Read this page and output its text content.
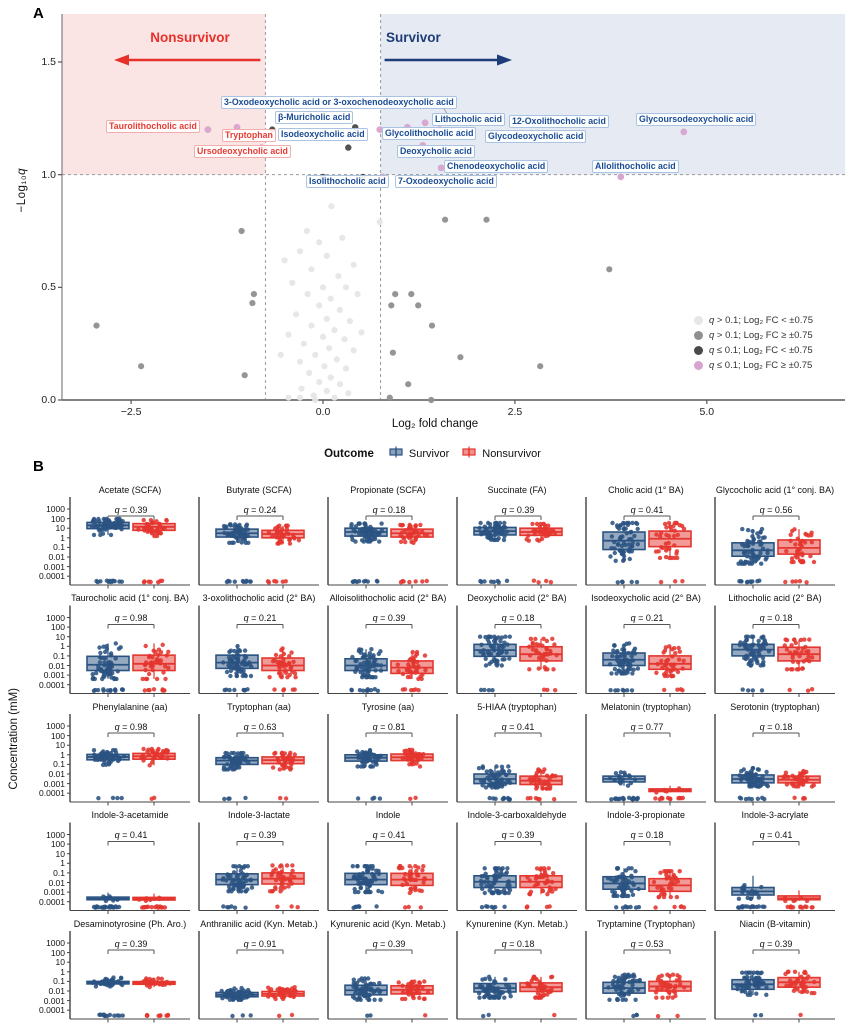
A
B
Nonsurvivor	Survivor
Log₂ fold change
−Log₁₀q
q > 0.1; Log₂ FC < ±0.75
q > 0.1; Log₂ FC ≥ ±0.75
q ≤ 0.1; Log₂ FC < ±0.75
q ≤ 0.1; Log₂ FC ≥ ±0.75
Outcome	Survivor	Nonsurvivor
Concentration (mM)
−2.5	0.0	2.5	5.0
0.0
0.5
1.0
1.5
Taurolithocholic acid
Tryptophan
Ursodeoxycholic acid
3-Oxodeoxycholic acid or 3-oxochenodeoxycholic acid
β-Muricholic acid
Isodeoxycholic acid
Lithocholic acid	12-Oxolithocholic acid	Glycoursodeoxycholic acid
Glycolithocholic acid	Glycodeoxycholic acid
Deoxycholic acid
Chenodeoxycholic acid	Allolithocholic acid
Isolithocholic acid	7-Oxodeoxycholic acid
1000
100
10
1
0.1
0.01
0.001
0.0001
Acetate (SCFA)
q = 0.39
Butyrate (SCFA)
q = 0.24
Propionate (SCFA)
q = 0.18
Succinate (FA)
q = 0.39
Cholic acid (1° BA)
q = 0.41
Glycocholic acid (1° conj. BA)
q = 0.56
1000
100
10
1
0.1
0.01
0.001
0.0001
Taurocholic acid (1° conj. BA)
q = 0.98
3-oxolithocholic acid (2° BA)
q = 0.21
Alloisolithocholic acid (2° BA)
q = 0.39
Deoxycholic acid (2° BA)
q = 0.18
Isodeoxycholic acid (2° BA)
q = 0.21
Lithocholic acid (2° BA)
q = 0.18
1000
100
10
1
0.1
0.01
0.001
0.0001
Phenylalanine (aa)
q = 0.98
Tryptophan (aa)
q = 0.63
Tyrosine (aa)
q = 0.81
5-HIAA (tryptophan)
q = 0.41
Melatonin (tryptophan)
q = 0.77
Serotonin (tryptophan)
q = 0.18
1000
100
10
1
0.1
0.01
0.001
0.0001
Indole-3-acetamide
q = 0.41
Indole-3-lactate
q = 0.39
Indole
q = 0.41
Indole-3-carboxaldehyde
q = 0.39
Indole-3-propionate
q = 0.18
Indole-3-acrylate
q = 0.41
1000
100
10
1
0.1
0.01
0.001
0.0001
Desaminotyrosine (Ph. Aro.)
q = 0.39
Anthranilic acid (Kyn. Metab.)
q = 0.91
Kynurenic acid (Kyn. Metab.)
q = 0.39
Kynurenine (Kyn. Metab.)
q = 0.18
Tryptamine (Tryptophan)
q = 0.53
Niacin (B-vitamin)
q = 0.39
